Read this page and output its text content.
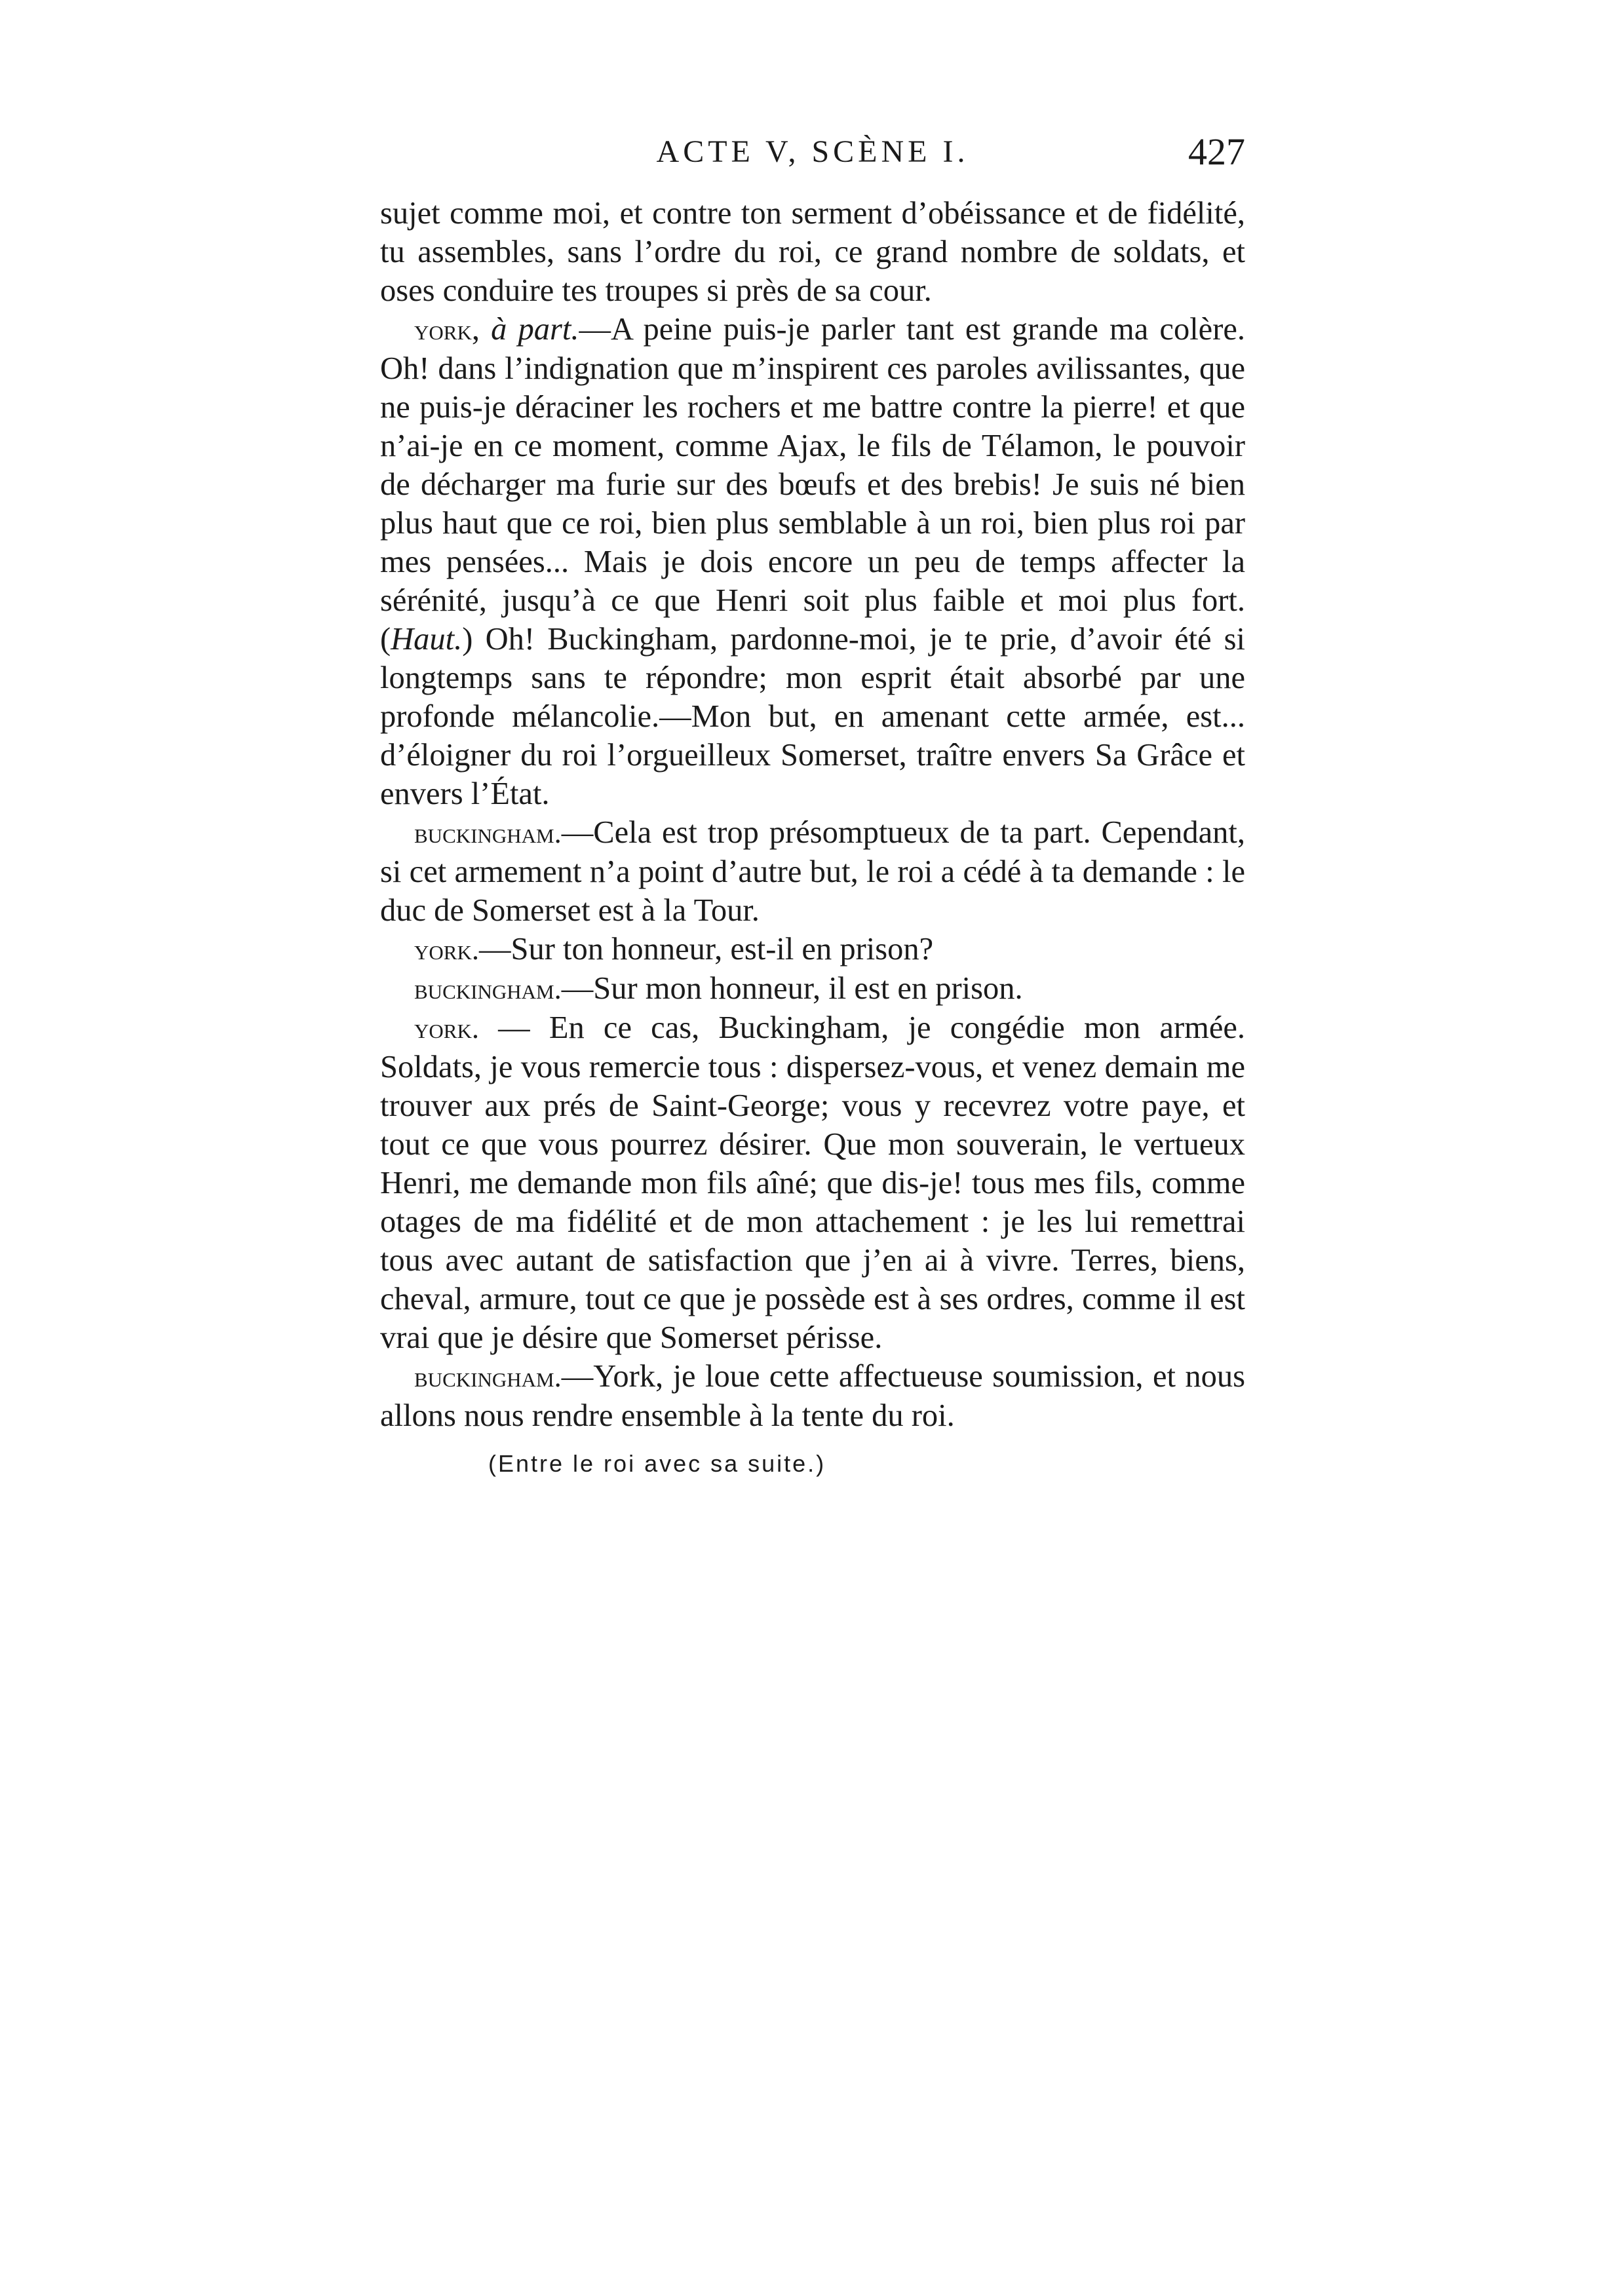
ACTE V, SCÈNE I.	427

sujet comme moi, et contre ton serment d’obéissance et de fidélité, tu assembles, sans l’ordre du roi, ce grand nombre de soldats, et oses conduire tes troupes si près de sa cour.

york, à part.—A peine puis-je parler tant est grande ma colère. Oh! dans l’indignation que m’inspirent ces paroles avilissantes, que ne puis-je déraciner les rochers et me battre contre la pierre! et que n’ai-je en ce moment, comme Ajax, le fils de Télamon, le pouvoir de décharger ma furie sur des bœufs et des brebis! Je suis né bien plus haut que ce roi, bien plus semblable à un roi, bien plus roi par mes pensées... Mais je dois encore un peu de temps affecter la sérénité, jusqu’à ce que Henri soit plus faible et moi plus fort. (Haut.) Oh! Buckingham, pardonne-moi, je te prie, d’avoir été si longtemps sans te répondre; mon esprit était absorbé par une profonde mélancolie.—Mon but, en amenant cette armée, est... d’éloigner du roi l’orgueilleux Somerset, traître envers Sa Grâce et envers l’État.

buckingham.—Cela est trop présomptueux de ta part. Cependant, si cet armement n’a point d’autre but, le roi a cédé à ta demande : le duc de Somerset est à la Tour.

york.—Sur ton honneur, est-il en prison?

buckingham.—Sur mon honneur, il est en prison.

york. — En ce cas, Buckingham, je congédie mon armée. Soldats, je vous remercie tous : dispersez-vous, et venez demain me trouver aux prés de Saint-George; vous y recevrez votre paye, et tout ce que vous pourrez désirer. Que mon souverain, le vertueux Henri, me demande mon fils aîné; que dis-je! tous mes fils, comme otages de ma fidélité et de mon attachement : je les lui remettrai tous avec autant de satisfaction que j’en ai à vivre. Terres, biens, cheval, armure, tout ce que je possède est à ses ordres, comme il est vrai que je désire que Somerset périsse.

buckingham.—York, je loue cette affectueuse soumission, et nous allons nous rendre ensemble à la tente du roi.

(Entre le roi avec sa suite.)
